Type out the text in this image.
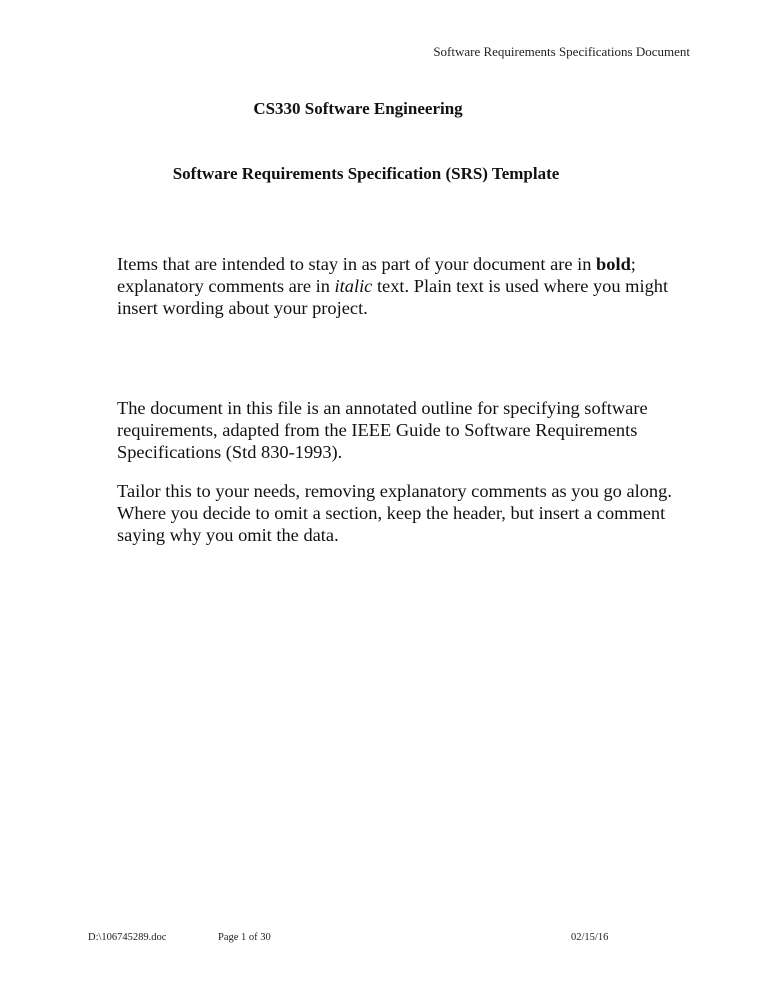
Software Requirements Specifications Document
CS330 Software Engineering
Software Requirements Specification (SRS) Template

Items that are intended to stay in as part of your document are in bold; explanatory comments are in italic text. Plain text is used where you might insert wording about your project.

The document in this file is an annotated outline for specifying software requirements, adapted from the IEEE Guide to Software Requirements Specifications (Std 830-1993).

Tailor this to your needs, removing explanatory comments as you go along. Where you decide to omit a section, keep the header, but insert a comment saying why you omit the data.

D:\106745289.doc	Page 1 of 30	02/15/16
